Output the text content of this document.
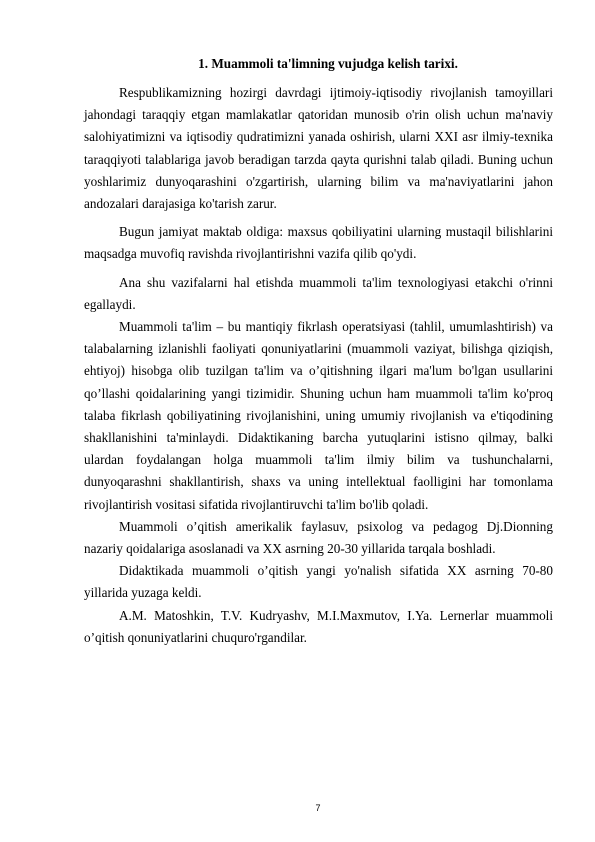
1. Muammoli ta'limning vujudga kelish tarixi.

Respublikamizning hozirgi davrdagi ijtimoiy-iqtisodiy rivojlanish tamoyillari jahondagi taraqqiy etgan mamlakatlar qatoridan munosib o'rin olish uchun ma'naviy salohiyatimizni va iqtisodiy qudratimizni yanada oshirish, ularni XXI asr ilmiy-texnika taraqqiyoti talablariga javob beradigan tarzda qayta qurishni talab qiladi. Buning uchun yoshlarimiz dunyoqarashini o'zgartirish, ularning bilim va ma'naviyatlarini jahon andozalari darajasiga ko'tarish zarur.

Bugun jamiyat maktab oldiga: maxsus qobiliyatini ularning mustaqil bilishlarini maqsadga muvofiq ravishda rivojlantirishni vazifa qilib qo'ydi.

Ana shu vazifalarni hal etishda muammoli ta'lim texnologiyasi etakchi o'rinni egallaydi.

Muammoli ta'lim – bu mantiqiy fikrlash operatsiyasi (tahlil, umumlashtirish) va talabalarning izlanishli faoliyati qonuniyatlarini (muammoli vaziyat, bilishga qiziqish, ehtiyoj) hisobga olib tuzilgan ta'lim va o’qitishning ilgari ma'lum bo'lgan usullarini qo’llashi qoidalarining yangi tizimidir. Shuning uchun ham muammoli ta'lim ko'proq talaba fikrlash qobiliyatining rivojlanishini, uning umumiy rivojlanish va e'tiqodining shakllanishini ta'minlaydi. Didaktikaning barcha yutuqlarini istisno qilmay, balki ulardan foydalangan holga muammoli ta'lim ilmiy bilim va tushunchalarni, dunyoqarashni shakllantirish, shaxs va uning intellektual faolligini har tomonlama rivojlantirish vositasi sifatida rivojlantiruvchi ta'lim bo'lib qoladi.

Muammoli o’qitish amerikalik faylasuv, psixolog va pedagog Dj.Dionning nazariy qoidalariga asoslanadi va XX asrning 20-30 yillarida tarqala boshladi.

Didaktikada muammoli o’qitish yangi yo'nalish sifatida XX asrning 70-80 yillarida yuzaga keldi.

A.M. Matoshkin, T.V. Kudryashv, M.I.Maxmutov, I.Ya. Lernerlar muammoli o’qitish qonuniyatlarini chuquro'rgandilar.

7
